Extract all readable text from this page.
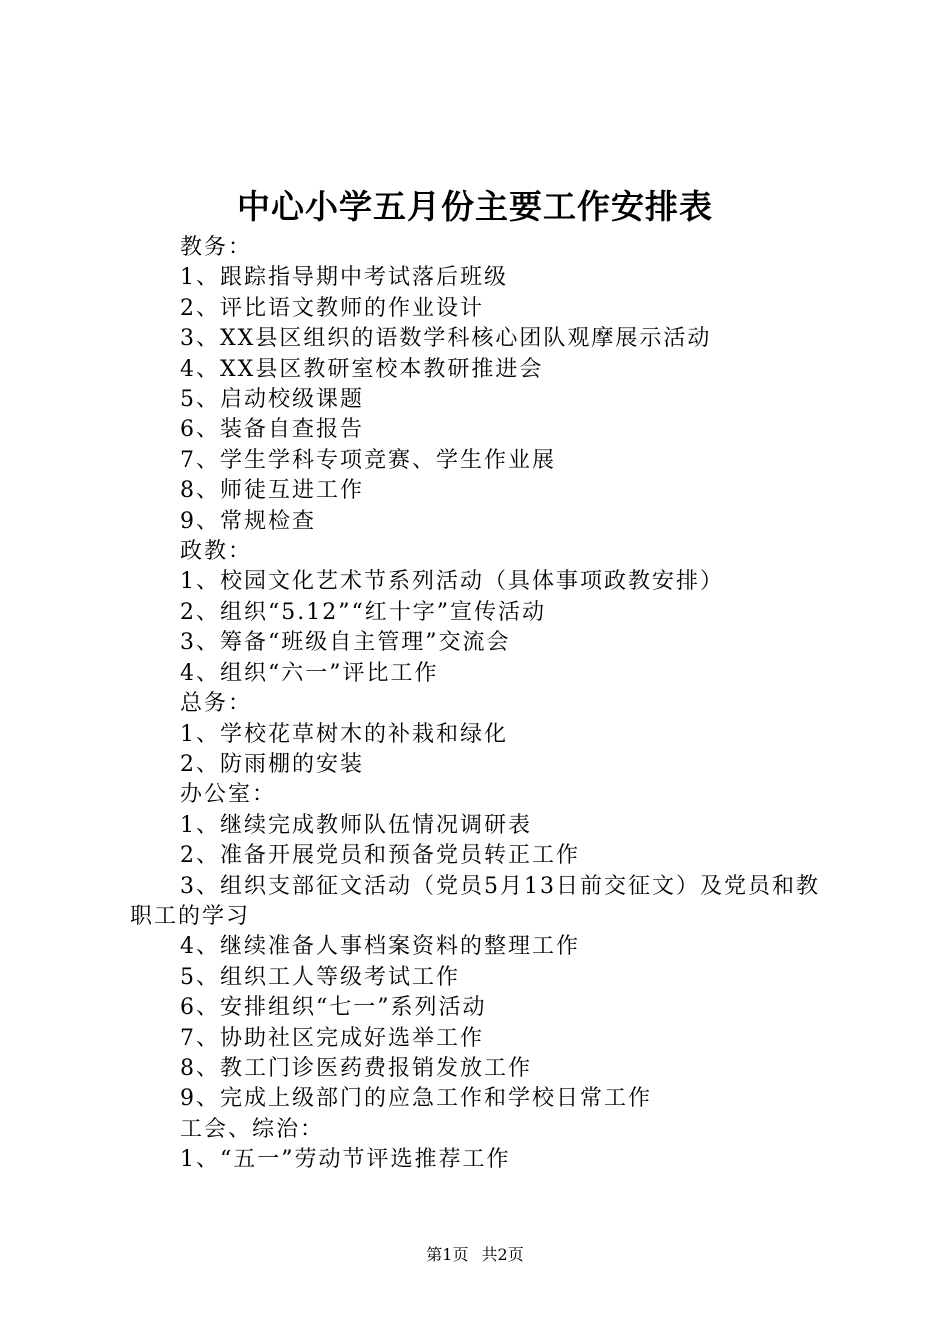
中心小学五月份主要工作安排表
教务：
1、跟踪指导期中考试落后班级
2、评比语文教师的作业设计
3、XX县区组织的语数学科核心团队观摩展示活动
4、XX县区教研室校本教研推进会
5、启动校级课题
6、装备自查报告
7、学生学科专项竞赛、学生作业展
8、师徒互进工作
9、常规检查
政教：
1、校园文化艺术节系列活动（具体事项政教安排）
2、组织“5.12”“红十字”宣传活动
3、筹备“班级自主管理”交流会
4、组织“六一”评比工作
总务：
1、学校花草树木的补栽和绿化
2、防雨棚的安装
办公室：
1、继续完成教师队伍情况调研表
2、准备开展党员和预备党员转正工作
3、组织支部征文活动（党员5月13日前交征文）及党员和教职工的学习
4、继续准备人事档案资料的整理工作
5、组织工人等级考试工作
6、安排组织“七一”系列活动
7、协助社区完成好选举工作
8、教工门诊医药费报销发放工作
9、完成上级部门的应急工作和学校日常工作
工会、综治：
1、“五一”劳动节评选推荐工作
第1页 共2页
